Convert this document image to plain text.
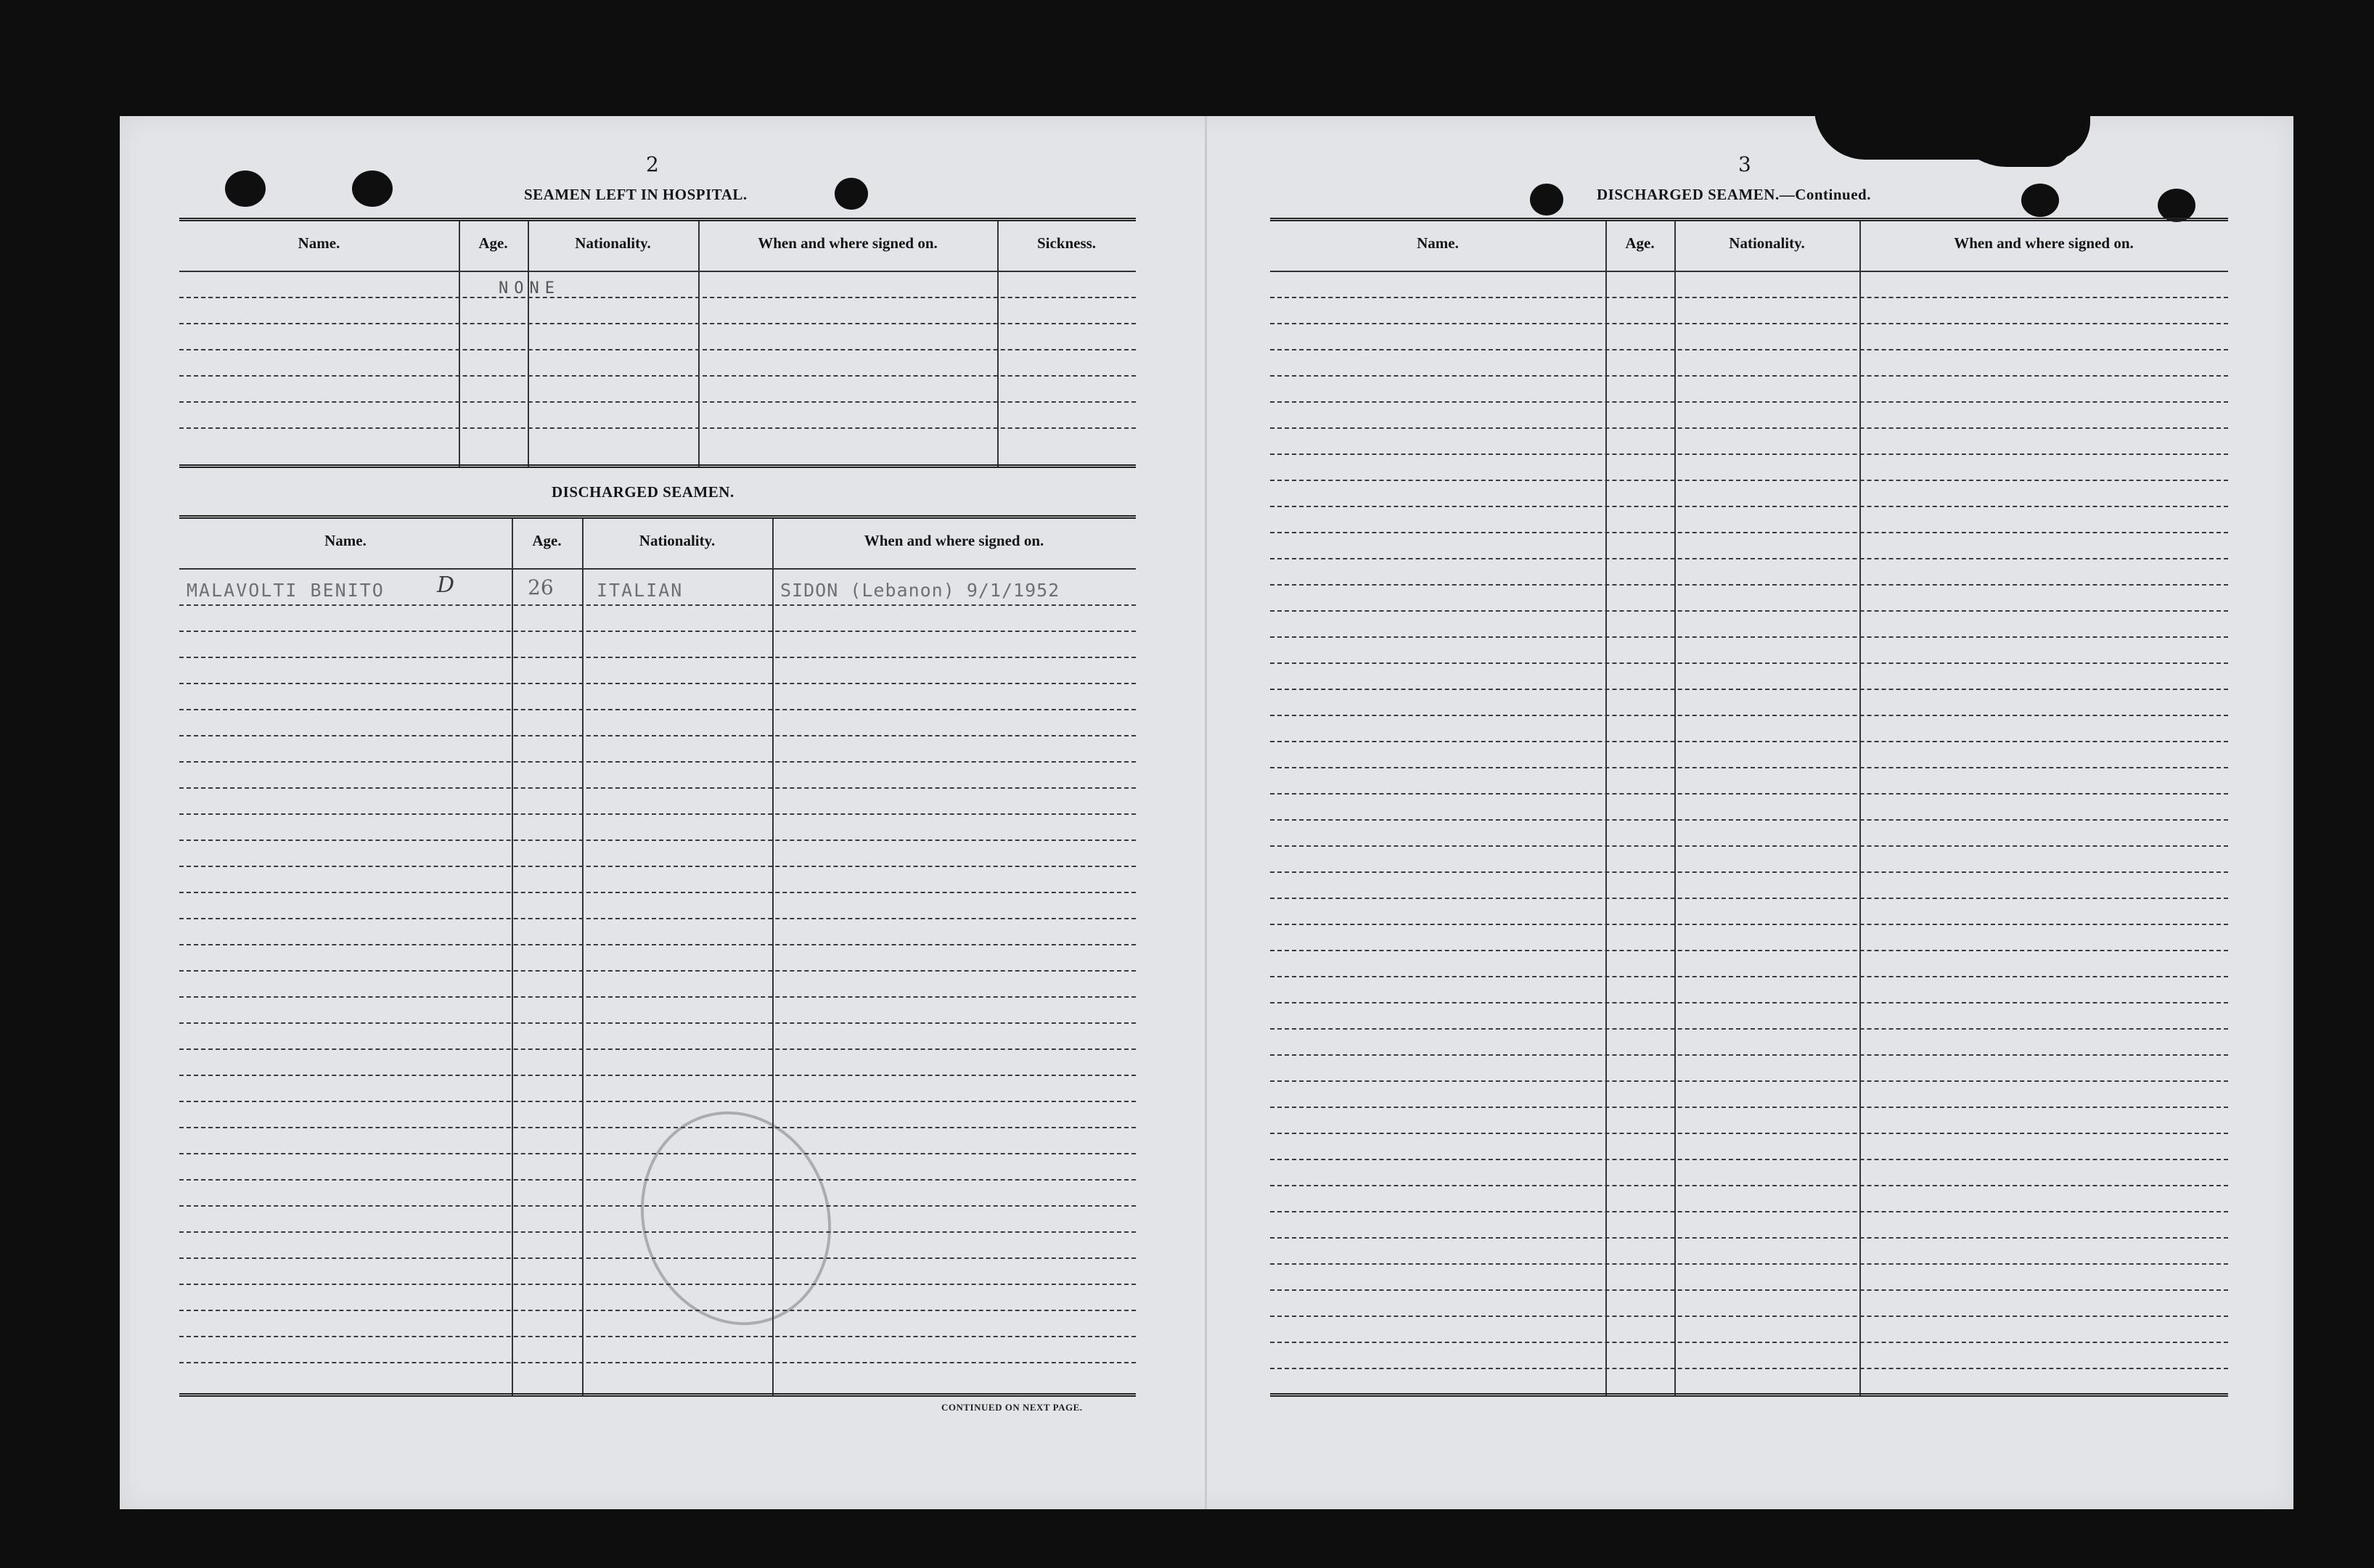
2
SEAMEN LEFT IN HOSPITAL.
Name.	Age.	Nationality.	When and where signed on.	Sickness.
NONE
DISCHARGED SEAMEN.
Name.	Age.	Nationality.	When and where signed on.
MALAVOLTI BENITO D	26 ITALIAN	SIDON (Lebanon) 9/1/1952
CONTINUED ON NEXT PAGE.
3
DISCHARGED SEAMEN.—Continued.
Name.	Age.	Nationality.	When and where signed on.
